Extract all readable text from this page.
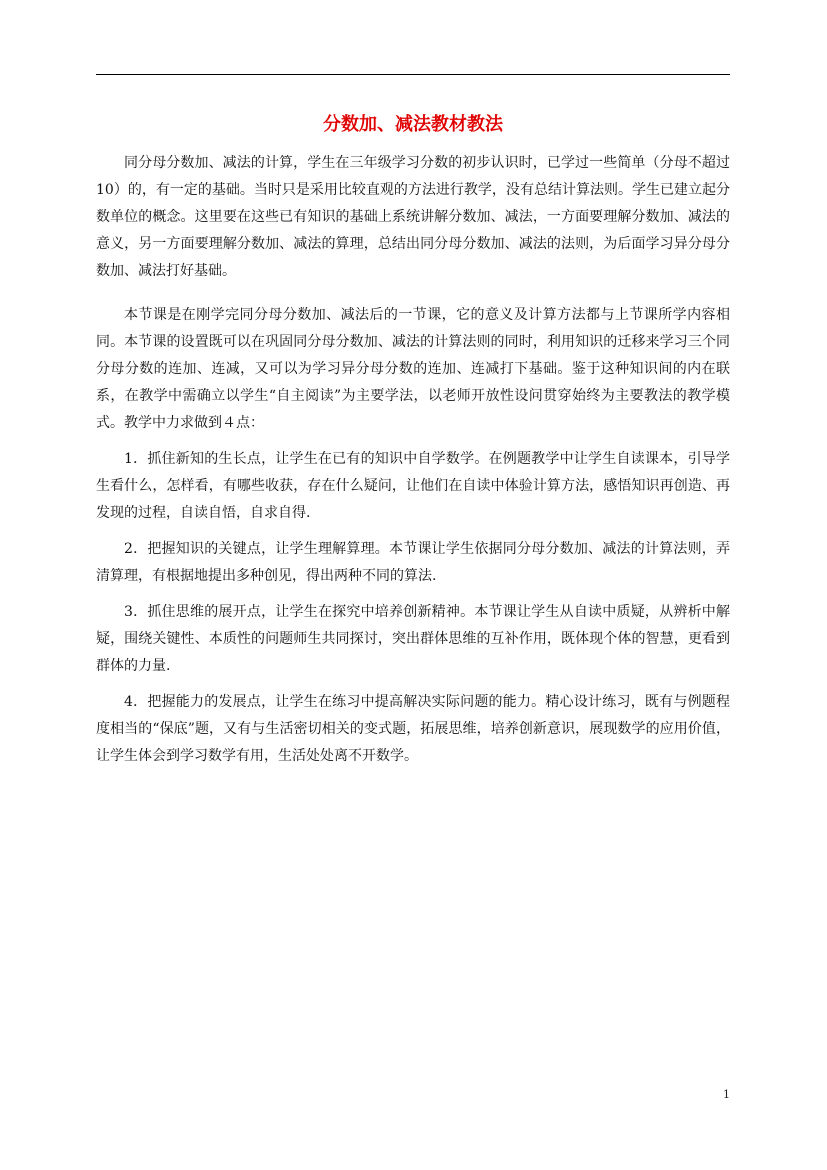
分数加、减法教材教法

同分母分数加、减法的计算，学生在三年级学习分数的初步认识时，已学过一些简单（分母不超过10）的，有一定的基础。当时只是采用比较直观的方法进行教学，没有总结计算法则。学生已建立起分数单位的概念。这里要在这些已有知识的基础上系统讲解分数加、减法，一方面要理解分数加、减法的意义，另一方面要理解分数加、减法的算理，总结出同分母分数加、减法的法则，为后面学习异分母分数加、减法打好基础。

本节课是在刚学完同分母分数加、减法后的一节课，它的意义及计算方法都与上节课所学内容相同。本节课的设置既可以在巩固同分母分数加、减法的计算法则的同时，利用知识的迁移来学习三个同分母分数的连加、连减，又可以为学习异分母分数的连加、连减打下基础。鉴于这种知识间的内在联系，在教学中需确立以学生“自主阅读”为主要学法，以老师开放性设问贯穿始终为主要教法的教学模式。教学中力求做到４点：

1．抓住新知的生长点，让学生在已有的知识中自学数学。在例题教学中让学生自读课本，引导学生看什么，怎样看，有哪些收获，存在什么疑问，让他们在自读中体验计算方法，感悟知识再创造、再发现的过程，自读自悟，自求自得.

2．把握知识的关键点，让学生理解算理。本节课让学生依据同分母分数加、减法的计算法则，弄清算理，有根据地提出多种创见，得出两种不同的算法.

3．抓住思维的展开点，让学生在探究中培养创新精神。本节课让学生从自读中质疑，从辨析中解疑，围绕关键性、本质性的问题师生共同探讨，突出群体思维的互补作用，既体现个体的智慧，更看到群体的力量.

4．把握能力的发展点，让学生在练习中提高解决实际问题的能力。精心设计练习，既有与例题程度相当的“保底”题，又有与生活密切相关的变式题，拓展思维，培养创新意识，展现数学的应用价值，让学生体会到学习数学有用，生活处处离不开数学。

1
